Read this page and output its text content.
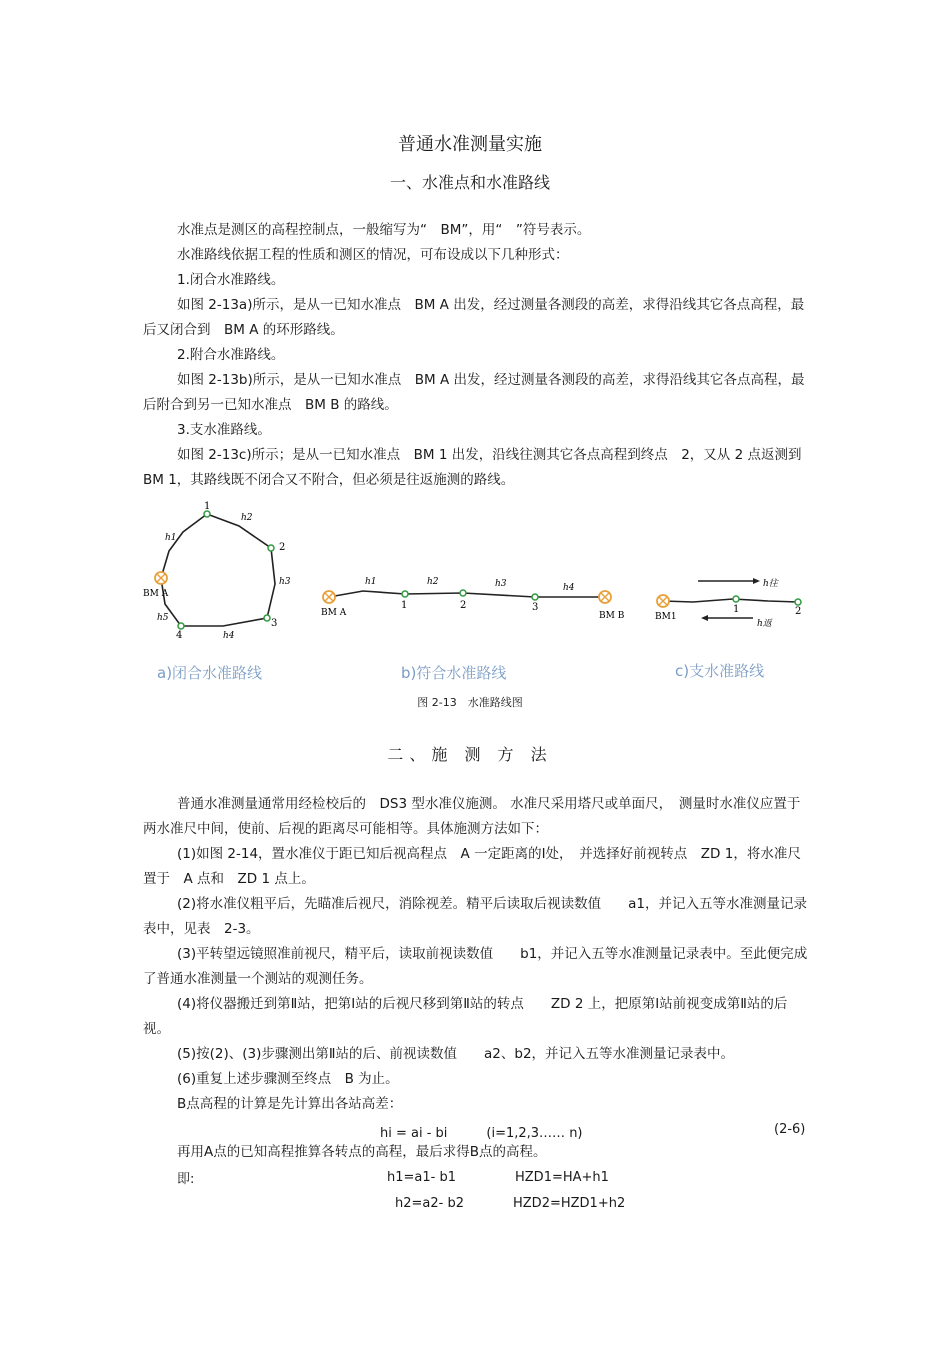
普通水准测量实施
一、水准点和水准路线

水准点是测区的高程控制点，一般缩写为“　BM”，用“　”符号表示。

水准路线依据工程的性质和测区的情况，可布设成以下几种形式：

1.闭合水准路线。

如图 2-13a)所示，是从一已知水准点　BM A 出发，经过测量各测段的高差，求得沿线其它各点高程，最后又闭合到　BM A 的环形路线。

2.附合水准路线。

如图 2-13b)所示，是从一已知水准点　BM A 出发，经过测量各测段的高差，求得沿线其它各点高程，最后附合到另一已知水准点　BM B 的路线。

3.支水准路线。

如图 2-13c)所示；是从一已知水准点　BM 1 出发，沿线往测其它各点高程到终点　2，又从 2 点返测到　BM 1，其路线既不闭合又不附合，但必须是往返施测的路线。

1
2
3
4
BM A
h1
h2
h3
h4
h5
1	2	3
BM A	BM B
h1	h2	h3	h4
1	2
BM1
h往
h返
a)闭合水准路线	b)符合水准路线	c)支水准路线
图 2-13　水准路线图
二、施 测 方 法

普通水准测量通常用经检校后的　DS3 型水准仪施测。 水准尺采用塔尺或单面尺，　测量时水准仪应置于两水准尺中间，使前、后视的距离尽可能相等。具体施测方法如下：

(1)如图 2-14，置水准仪于距已知后视高程点　A 一定距离的Ⅰ处，　并选择好前视转点　ZD 1，将水准尺置于　A 点和　ZD 1 点上。

(2)将水准仪粗平后，先瞄准后视尺，消除视差。精平后读取后视读数值　　a1，并记入五等水准测量记录表中，见表　2-3。

(3)平转望远镜照准前视尺，精平后，读取前视读数值　　b1，并记入五等水准测量记录表中。至此便完成了普通水准测量一个测站的观测任务。

(4)将仪器搬迁到第Ⅱ站，把第Ⅰ站的后视尺移到第Ⅱ站的转点　　ZD 2 上，把原第Ⅰ站前视变成第Ⅱ站的后视。

(5)按(2)、(3)步骤测出第Ⅱ站的后、前视读数值　　a2、b2，并记入五等水准测量记录表中。

(6)重复上述步骤测至终点　B 为止。

B点高程的计算是先计算出各站高差：

hi = ai - bi　　　(i=1,2,3…… n)	(2-6)

再用A点的已知高程推算各转点的高程，最后求得B点的高程。

即:	h1=a1- b1	HZD1=HA+h1
h2=a2- b2	HZD2=HZD1+h2
